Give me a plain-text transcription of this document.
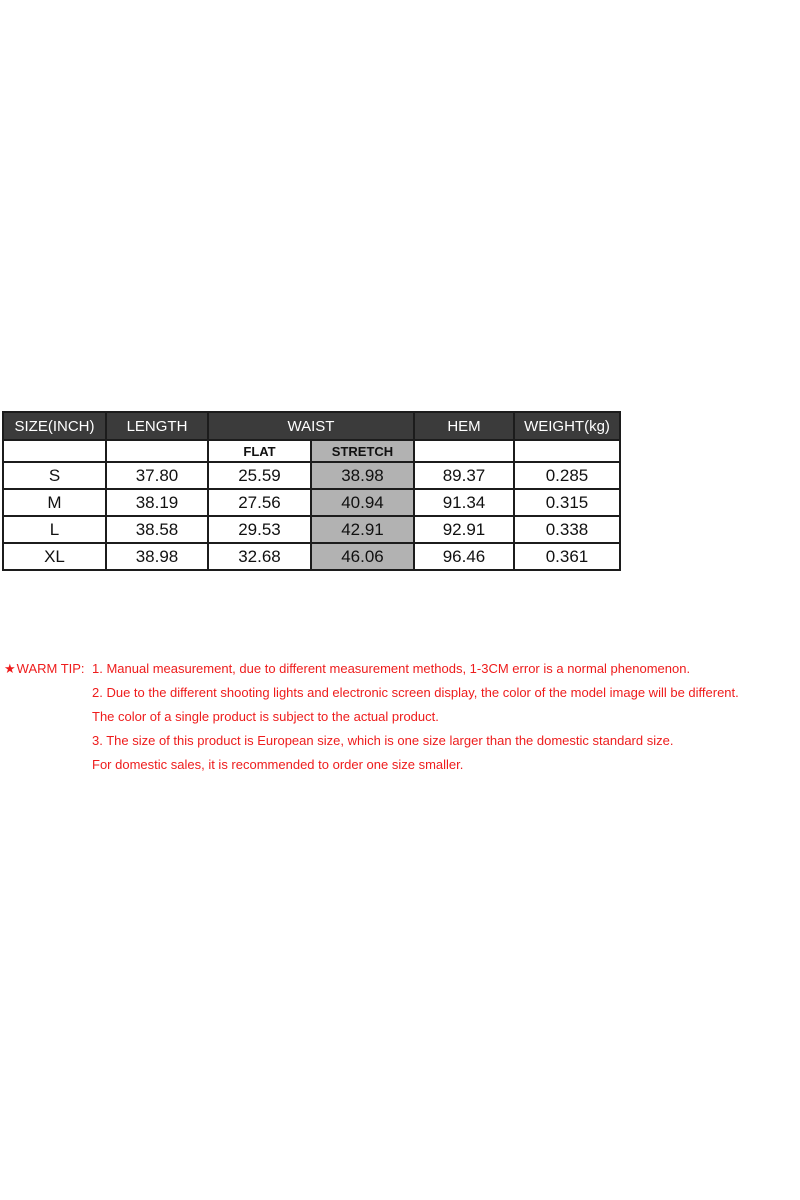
SIZE(INCH)	LENGTH	WAIST		HEM	WEIGHT(kg)
		FLAT	STRETCH		
S	37.80	25.59	38.98	89.37	0.285
M	38.19	27.56	40.94	91.34	0.315
L	38.58	29.53	42.91	92.91	0.338
XL	38.98	32.68	46.06	96.46	0.361
★WARM TIP: 1. Manual measurement, due to different measurement methods, 1-3CM error is a normal phenomenon.
2. Due to the different shooting lights and electronic screen display, the color of the model image will be different.
The color of a single product is subject to the actual product.
3. The size of this product is European size, which is one size larger than the domestic standard size.
For domestic sales, it is recommended to order one size smaller.
